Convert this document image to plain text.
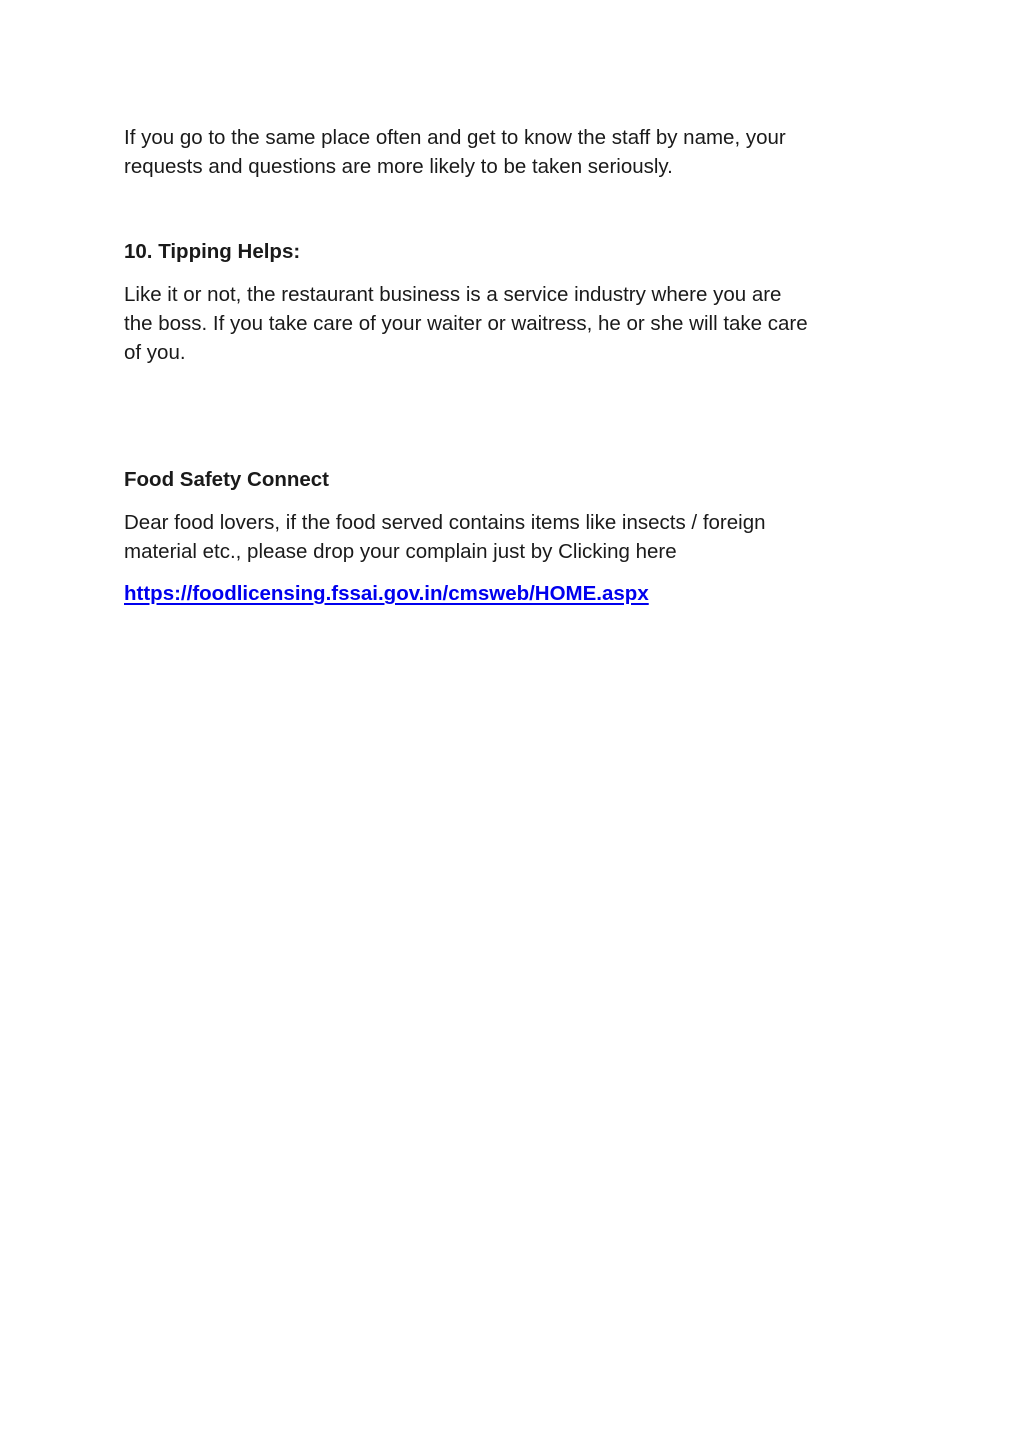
If you go to the same place often and get to know the staff by name, your
requests and questions are more likely to be taken seriously.

10. Tipping Helps:

Like it or not, the restaurant business is a service industry where you are
the boss. If you take care of your waiter or waitress, he or she will take care
of you.

Food Safety Connect

Dear food lovers, if the food served contains items like insects / foreign
material etc., please drop your complain just by Clicking here

https://foodlicensing.fssai.gov.in/cmsweb/HOME.aspx
